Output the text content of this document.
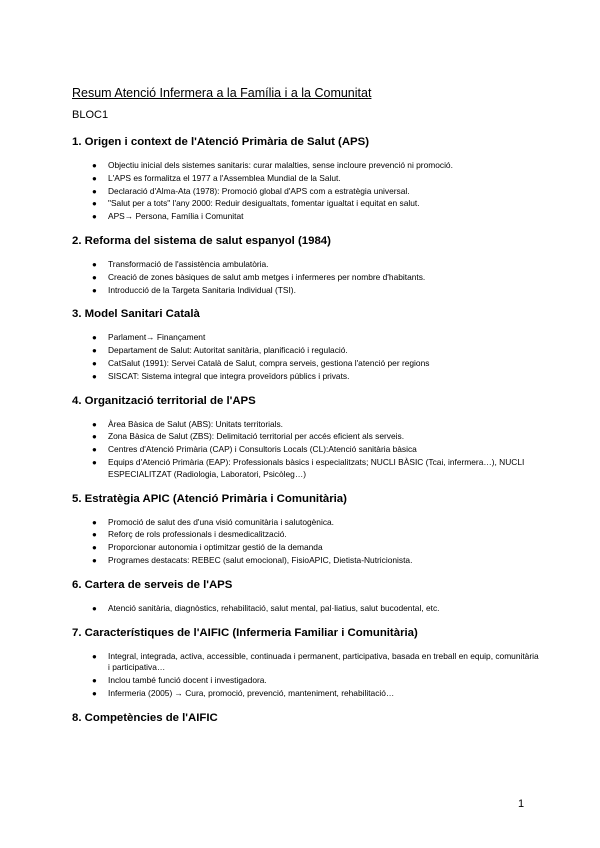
Resum Atenció Infermera a la Família i a la Comunitat
BLOC1
1. Origen i context de l'Atenció Primària de Salut (APS)
● Objectiu inicial dels sistemes sanitaris: curar malalties, sense incloure prevenció ni promoció.
● L'APS es formalitza el 1977 a l'Assemblea Mundial de la Salut.
● Declaració d'Alma-Ata (1978): Promoció global d'APS com a estratègia universal.
● "Salut per a tots" l'any 2000: Reduir desigualtats, fomentar igualtat i equitat en salut.
● APS→ Persona, Família i Comunitat
2. Reforma del sistema de salut espanyol (1984)
● Transformació de l'assistència ambulatòria.
● Creació de zones bàsiques de salut amb metges i infermeres per nombre d'habitants.
● Introducció de la Targeta Sanitaria Individual (TSI).
3. Model Sanitari Català
● Parlament→ Finançament
● Departament de Salut: Autoritat sanitària, planificació i regulació.
● CatSalut (1991): Servei Català de Salut, compra serveis, gestiona l'atenció per regions
● SISCAT: Sistema integral que integra proveïdors públics i privats.
4. Organització territorial de l'APS
● Àrea Bàsica de Salut (ABS): Unitats territorials.
● Zona Bàsica de Salut (ZBS): Delimitació territorial per accés eficient als serveis.
● Centres d'Atenció Primària (CAP) i Consultoris Locals (CL):Atenció sanitària bàsica
● Equips d'Atenció Primària (EAP): Professionals bàsics i especialitzats; NUCLI BÀSIC (Tcai, infermera…), NUCLI ESPECIALITZAT (Radiologia, Laboratori, Psicòleg…)
5. Estratègia APIC (Atenció Primària i Comunitària)
● Promoció de salut des d'una visió comunitària i salutogènica.
● Reforç de rols professionals i desmedicalització.
● Proporcionar autonomia i optimitzar gestió de la demanda
● Programes destacats: REBEC (salut emocional), FisioAPIC, Dietista-Nutricionista.
6. Cartera de serveis de l'APS
● Atenció sanitària, diagnòstics, rehabilitació, salut mental, pal·liatius, salut bucodental, etc.
7. Característiques de l'AIFIC (Infermeria Familiar i Comunitària)
● Integral, integrada, activa, accessible, continuada i permanent, participativa, basada en treball en equip, comunitària i participativa…
● Inclou també funció docent i investigadora.
● Infermeria (2005) → Cura, promoció, prevenció, manteniment, rehabilitació…
8. Competències de l'AIFIC
1
